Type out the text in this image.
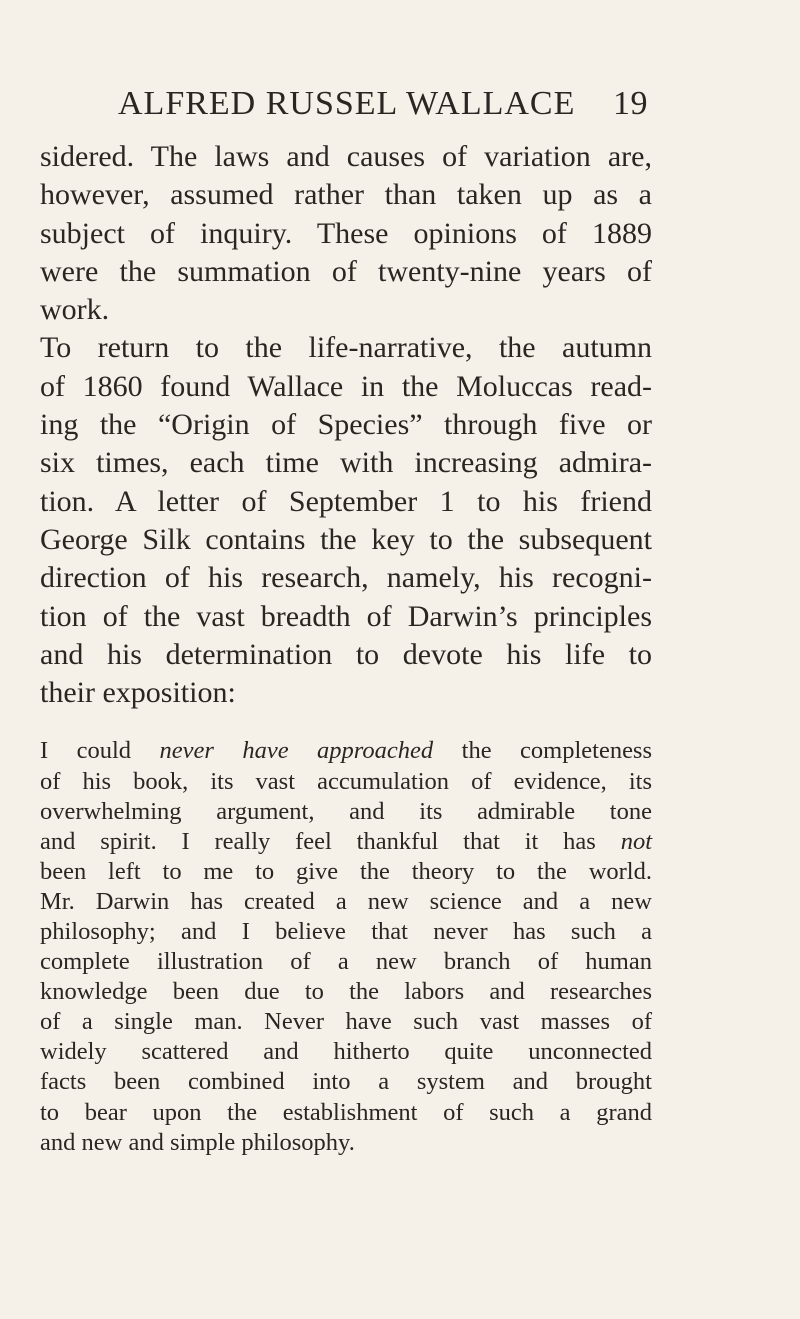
ALFRED RUSSEL WALLACE 19
sidered. The laws and causes of variation are,
however, assumed rather than taken up as a
subject of inquiry. These opinions of 1889
were the summation of twenty-nine years of
work.
To return to the life-narrative, the autumn
of 1860 found Wallace in the Moluccas read-
ing the “Origin of Species” through five or
six times, each time with increasing admira-
tion. A letter of September 1 to his friend
George Silk contains the key to the subsequent
direction of his research, namely, his recogni-
tion of the vast breadth of Darwin’s principles
and his determination to devote his life to
their exposition:
I could never have approached the completeness
of his book, its vast accumulation of evidence, its
overwhelming argument, and its admirable tone
and spirit. I really feel thankful that it has not
been left to me to give the theory to the world.
Mr. Darwin has created a new science and a new
philosophy; and I believe that never has such a
complete illustration of a new branch of human
knowledge been due to the labors and researches
of a single man. Never have such vast masses of
widely scattered and hitherto quite unconnected
facts been combined into a system and brought
to bear upon the establishment of such a grand
and new and simple philosophy.
